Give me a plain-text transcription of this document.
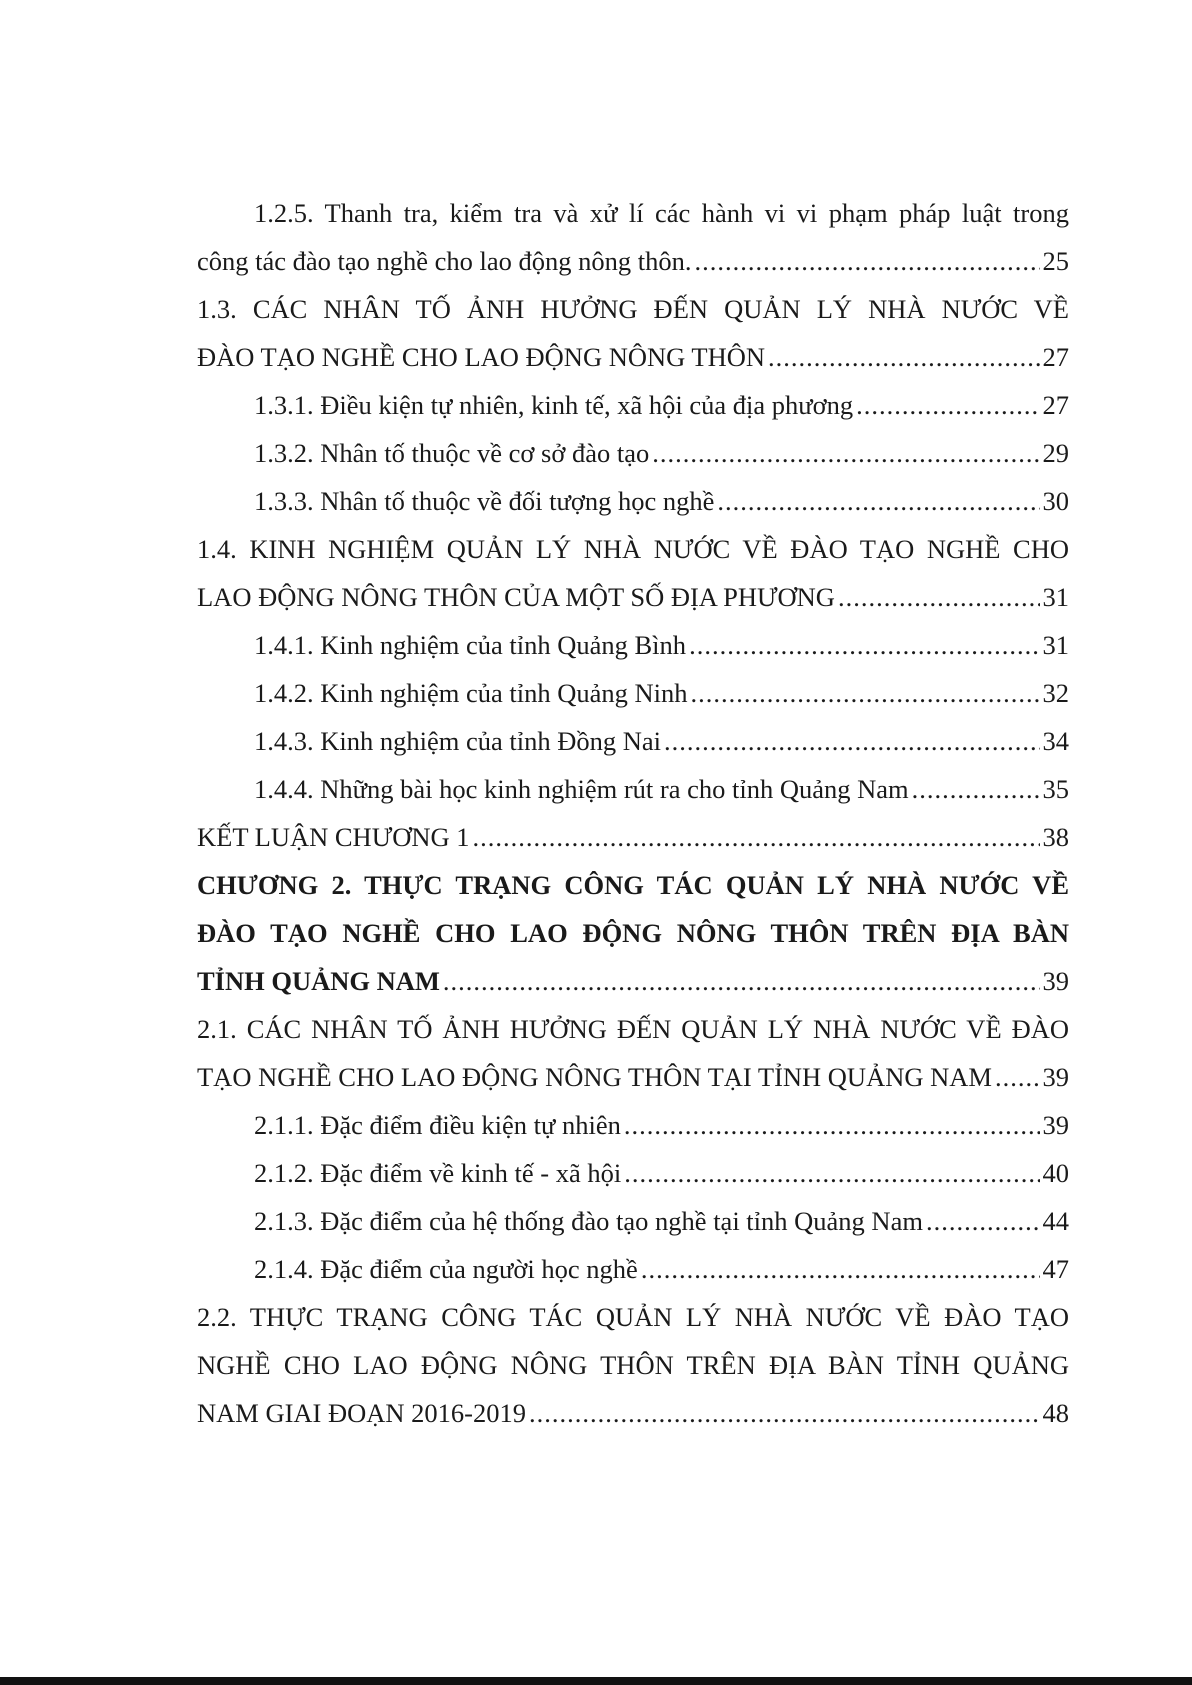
1.2.5. Thanh tra, kiểm tra và xử lí các hành vi vi phạm pháp luật trong
công tác đào tạo nghề cho lao động nông thôn. .....	25
1.3. CÁC NHÂN TỐ ẢNH HƯỞNG ĐẾN QUẢN LÝ NHÀ NƯỚC VỀ
ĐÀO TẠO NGHỀ CHO LAO ĐỘNG NÔNG THÔN .....	27
1.3.1. Điều kiện tự nhiên, kinh tế, xã hội của địa phương .....	27
1.3.2. Nhân tố thuộc về cơ sở đào tạo .....	29
1.3.3. Nhân tố thuộc về đối tượng học nghề .....	30
1.4. KINH NGHIỆM QUẢN LÝ NHÀ NƯỚC VỀ ĐÀO TẠO NGHỀ CHO
LAO ĐỘNG NÔNG THÔN CỦA MỘT SỐ ĐỊA PHƯƠNG .....	31
1.4.1. Kinh nghiệm của tỉnh Quảng Bình .....	31
1.4.2. Kinh nghiệm của tỉnh Quảng Ninh .....	32
1.4.3. Kinh nghiệm của tỉnh Đồng Nai .....	34
1.4.4. Những bài học kinh nghiệm rút ra cho tỉnh Quảng Nam .....	35
KẾT LUẬN CHƯƠNG 1 .....	38
CHƯƠNG 2. THỰC TRẠNG CÔNG TÁC QUẢN LÝ NHÀ NƯỚC VỀ
ĐÀO TẠO NGHỀ CHO LAO ĐỘNG NÔNG THÔN TRÊN ĐỊA BÀN
TỈNH QUẢNG NAM .....	39
2.1. CÁC NHÂN TỐ ẢNH HƯỞNG ĐẾN QUẢN LÝ NHÀ NƯỚC VỀ ĐÀO
TẠO NGHỀ CHO LAO ĐỘNG NÔNG THÔN TẠI TỈNH QUẢNG NAM ..... 39
2.1.1. Đặc điểm điều kiện tự nhiên .....	39
2.1.2. Đặc điểm về kinh tế - xã hội .....	40
2.1.3. Đặc điểm của hệ thống đào tạo nghề tại tỉnh Quảng Nam .....	44
2.1.4. Đặc điểm của người học nghề .....	47
2.2. THỰC TRẠNG CÔNG TÁC QUẢN LÝ NHÀ NƯỚC VỀ ĐÀO TẠO
NGHỀ CHO LAO ĐỘNG NÔNG THÔN TRÊN ĐỊA BÀN TỈNH QUẢNG
NAM GIAI ĐOẠN 2016-2019 .....	48
